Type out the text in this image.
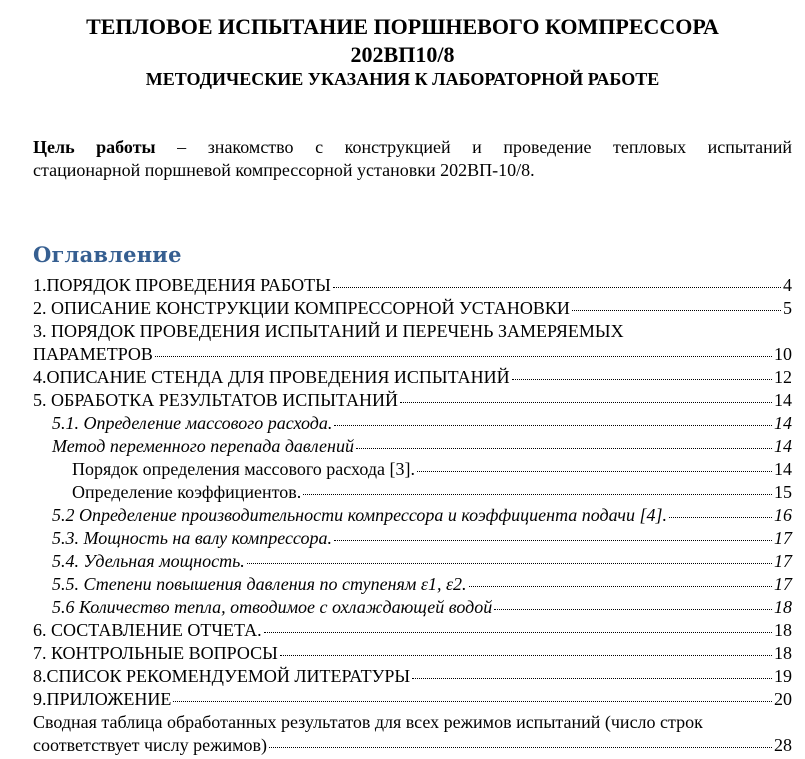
ТЕПЛОВОЕ ИСПЫТАНИЕ ПОРШНЕВОГО КОМПРЕССОРА
202ВП10/8
МЕТОДИЧЕСКИЕ УКАЗАНИЯ К ЛАБОРАТОРНОЙ РАБОТЕ

Цель работы – знакомство с конструкцией и проведение тепловых испытаний

стационарной поршневой компрессорной установки 202ВП-10/8.

Оглавление
1.ПОРЯДОК ПРОВЕДЕНИЯ РАБОТЫ	4
2. ОПИСАНИЕ КОНСТРУКЦИИ КОМПРЕССОРНОЙ УСТАНОВКИ	5
3. ПОРЯДОК ПРОВЕДЕНИЯ ИСПЫТАНИЙ И ПЕРЕЧЕНЬ ЗАМЕРЯЕМЫХ
ПАРАМЕТРОВ	10
4.ОПИСАНИЕ СТЕНДА ДЛЯ ПРОВЕДЕНИЯ ИСПЫТАНИЙ	12
5. ОБРАБОТКА РЕЗУЛЬТАТОВ ИСПЫТАНИЙ	14
5.1. Определение массового расхода.	14
Метод переменного перепада давлений	14
Порядок определения массового расхода [3].	14
Определение коэффициентов.	15
5.2 Определение производительности компрессора и коэффициента подачи [4].	16
5.3. Мощность на валу компрессора.	17
5.4. Удельная мощность.	17
5.5. Степени повышения давления по ступеням ε1, ε2.	17
5.6 Количество тепла, отводимое с охлаждающей водой	18
6. СОСТАВЛЕНИЕ ОТЧЕТА.	18
7. КОНТРОЛЬНЫЕ ВОПРОСЫ	18
8.СПИСОК РЕКОМЕНДУЕМОЙ ЛИТЕРАТУРЫ	19
9.ПРИЛОЖЕНИЕ	20
Сводная таблица обработанных результатов для всех режимов испытаний (число строк
соответствует числу режимов)	28
